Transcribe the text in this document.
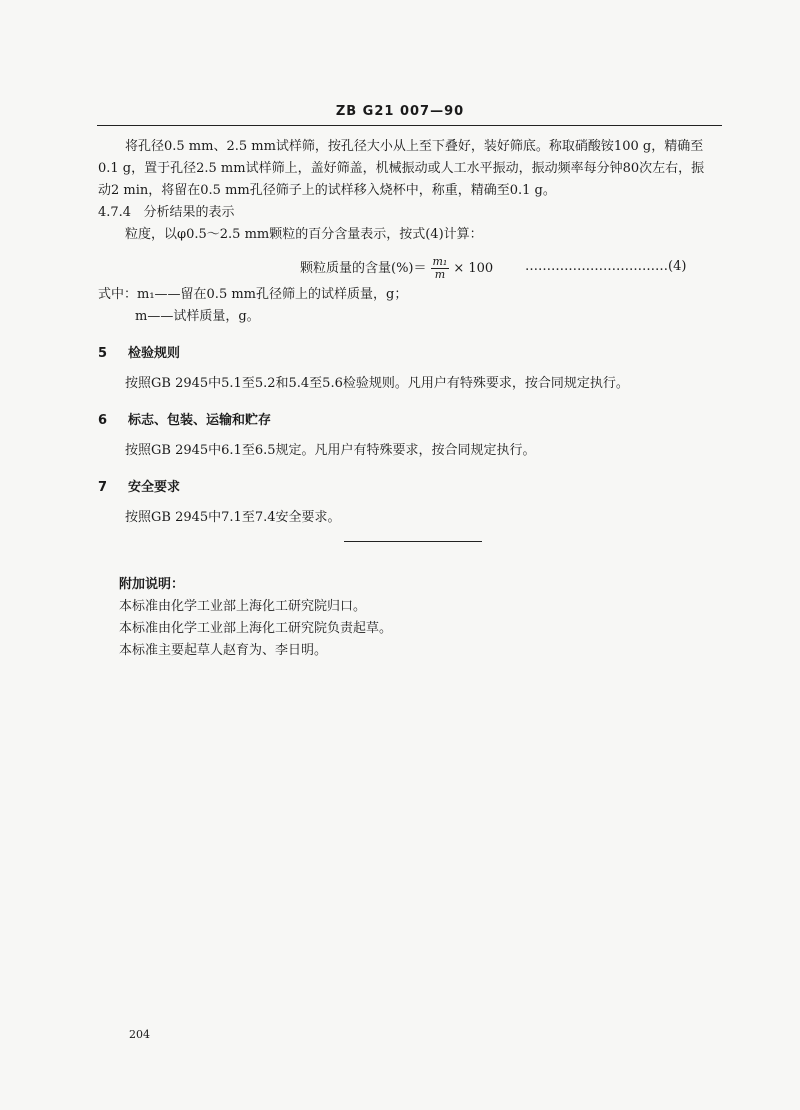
ZB G21 007—90

将孔径0.5 mm、2.5 mm试样筛，按孔径大小从上至下叠好，装好筛底。称取硝酸铵100 g，精确至

0.1 g，置于孔径2.5 mm试样筛上，盖好筛盖，机械振动或人工水平振动，振动频率每分钟80次左右，振

动2 min，将留在0.5 mm孔径筛子上的试样移入烧杯中，称重，精确至0.1 g。

4.7.4 分析结果的表示

粒度，以φ0.5～2.5 mm颗粒的百分含量表示，按式(4)计算：

颗粒质量的含量(%)＝ $\frac{\text{m₁}}{m} \times 100$ ……………………………(4)

式中：m₁——留在0.5 mm孔径筛上的试样质量，g；

m——试样质量，g。

5 检验规则

按照GB 2945中5.1至5.2和5.4至5.6检验规则。凡用户有特殊要求，按合同规定执行。

6 标志、包装、运输和贮存

按照GB 2945中6.1至6.5规定。凡用户有特殊要求，按合同规定执行。

7 安全要求

按照GB 2945中7.1至7.4安全要求。

附加说明：
本标准由化学工业部上海化工研究院归口。
本标准由化学工业部上海化工研究院负责起草。
本标准主要起草人赵育为、李日明。
204
